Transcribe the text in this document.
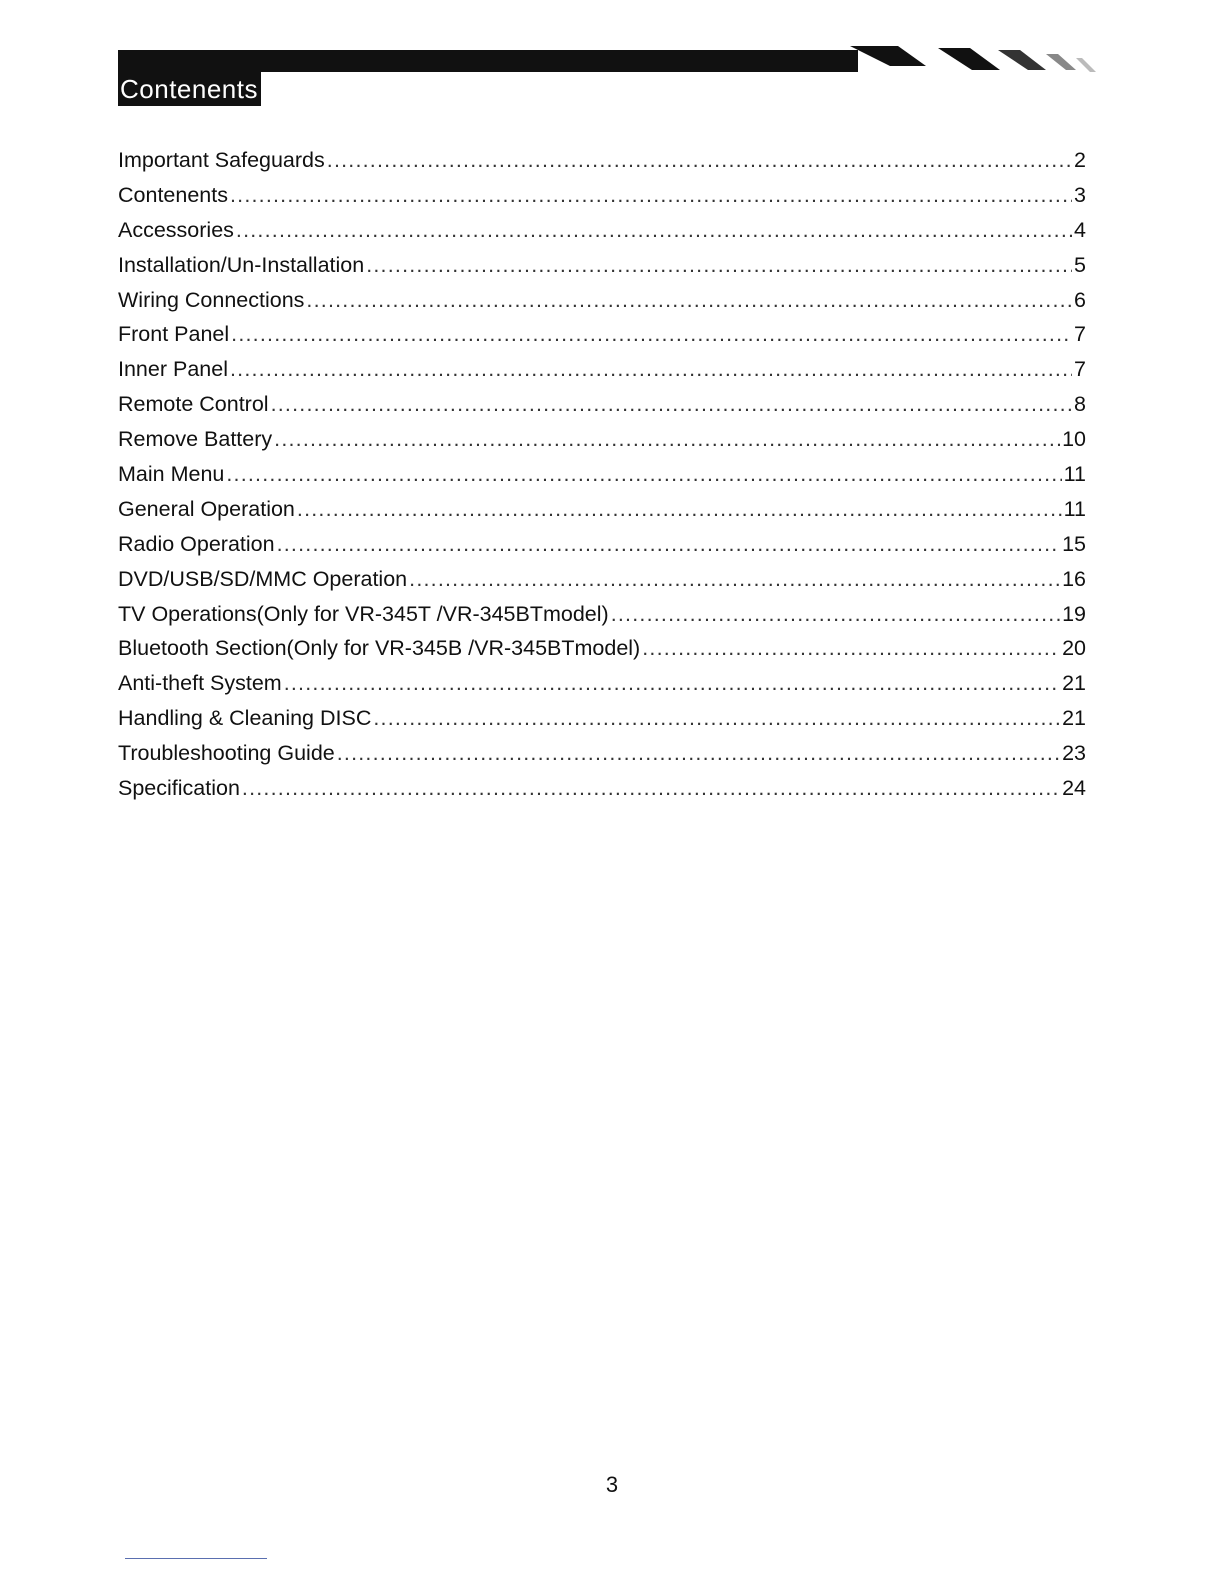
Contenents
Important Safeguards .....	2
Contenents .....	3
Accessories .....	4
Installation/Un-Installation .....	5
Wiring Connections .....	6
Front Panel .....	7
Inner Panel .....	7
Remote Control .....	8
Remove Battery .....	10
Main Menu .....	11
General Operation .....	11
Radio Operation .....	15
DVD/USB/SD/MMC Operation .....	16
TV Operations(Only for VR-345T /VR-345BTmodel) .....	19
Bluetooth Section(Only for VR-345B /VR-345BTmodel) .....	20
Anti-theft System .....	21
Handling & Cleaning DISC .....	21
Troubleshooting Guide .....	23
Specification .....	24
3
